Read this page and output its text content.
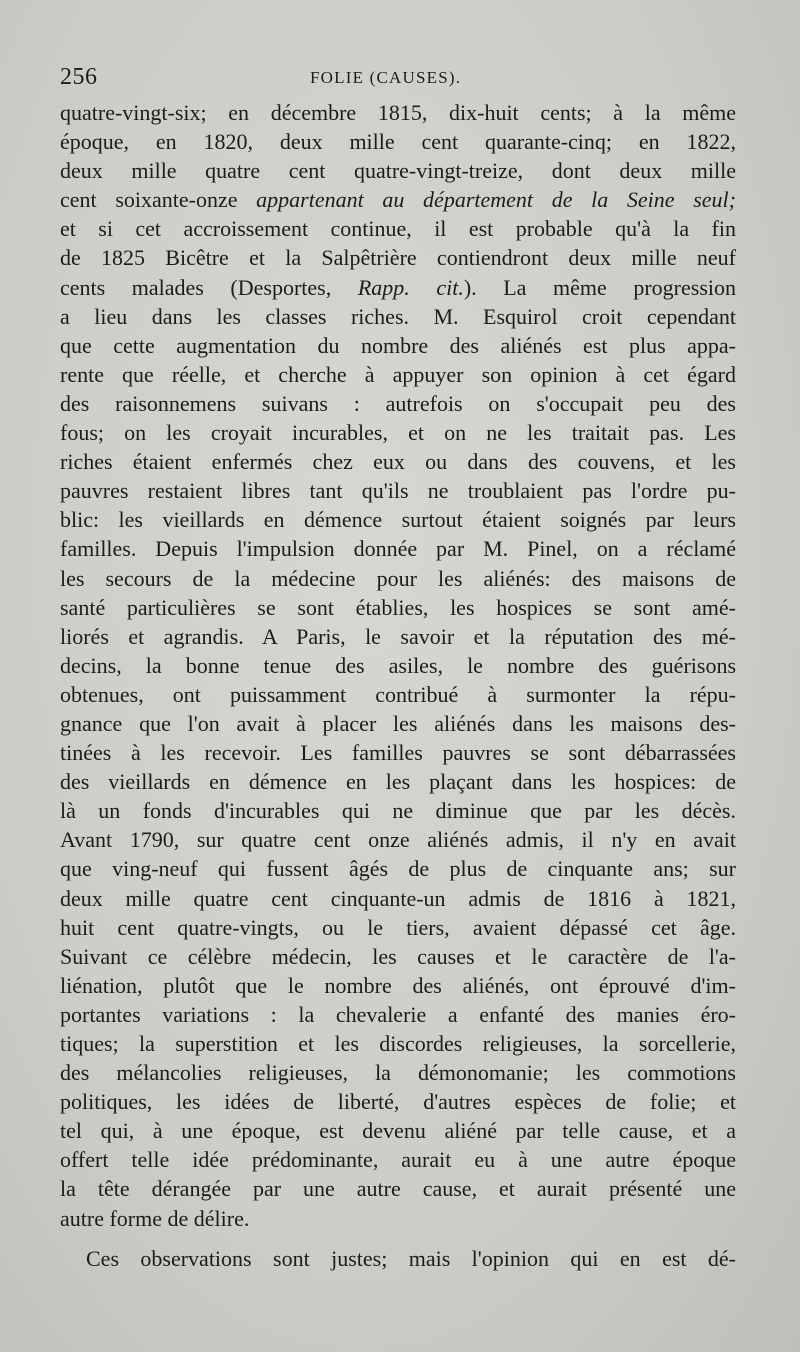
256	FOLIE (CAUSES).
quatre-vingt-six; en décembre 1815, dix-huit cents; à la même
époque, en 1820, deux mille cent quarante-cinq; en 1822,
deux mille quatre cent quatre-vingt-treize, dont deux mille
cent soixante-onze appartenant au département de la Seine seul;
et si cet accroissement continue, il est probable qu'à la fin
de 1825 Bicêtre et la Salpêtrière contiendront deux mille neuf
cents malades (Desportes, Rapp. cit.). La même progression
a lieu dans les classes riches. M. Esquirol croit cependant
que cette augmentation du nombre des aliénés est plus appa-
rente que réelle, et cherche à appuyer son opinion à cet égard
des raisonnemens suivans : autrefois on s'occupait peu des
fous; on les croyait incurables, et on ne les traitait pas. Les
riches étaient enfermés chez eux ou dans des couvens, et les
pauvres restaient libres tant qu'ils ne troublaient pas l'ordre pu-
blic: les vieillards en démence surtout étaient soignés par leurs
familles. Depuis l'impulsion donnée par M. Pinel, on a réclamé
les secours de la médecine pour les aliénés: des maisons de
santé particulières se sont établies, les hospices se sont amé-
liorés et agrandis. A Paris, le savoir et la réputation des mé-
decins, la bonne tenue des asiles, le nombre des guérisons
obtenues, ont puissamment contribué à surmonter la répu-
gnance que l'on avait à placer les aliénés dans les maisons des-
tinées à les recevoir. Les familles pauvres se sont débarrassées
des vieillards en démence en les plaçant dans les hospices: de
là un fonds d'incurables qui ne diminue que par les décès.
Avant 1790, sur quatre cent onze aliénés admis, il n'y en avait
que ving-neuf qui fussent âgés de plus de cinquante ans; sur
deux mille quatre cent cinquante-un admis de 1816 à 1821,
huit cent quatre-vingts, ou le tiers, avaient dépassé cet âge.
Suivant ce célèbre médecin, les causes et le caractère de l'a-
liénation, plutôt que le nombre des aliénés, ont éprouvé d'im-
portantes variations : la chevalerie a enfanté des manies éro-
tiques; la superstition et les discordes religieuses, la sorcellerie,
des mélancolies religieuses, la démonomanie; les commotions
politiques, les idées de liberté, d'autres espèces de folie; et
tel qui, à une époque, est devenu aliéné par telle cause, et a
offert telle idée prédominante, aurait eu à une autre époque
la tête dérangée par une autre cause, et aurait présenté une
autre forme de délire.
Ces observations sont justes; mais l'opinion qui en est dé-
